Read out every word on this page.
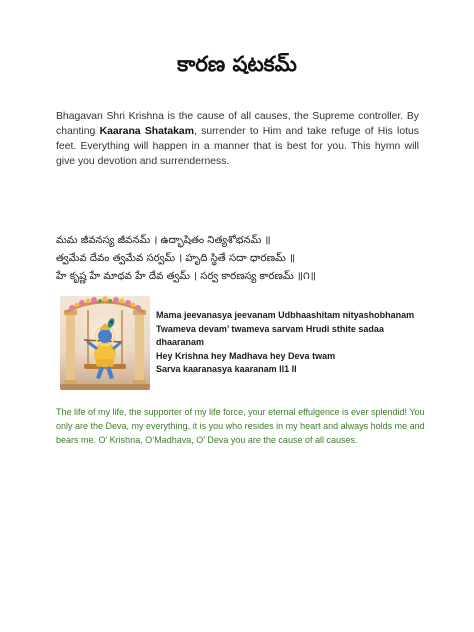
కారణ షటకమ్

Bhagavan Shri Krishna is the cause of all causes, the Supreme controller. By chanting Kaarana Shatakam, surrender to Him and take refuge of His lotus feet. Everything will happen in a manner that is best for you. This hymn will give you devotion and surrenderness.

మమ జీవనస్య జీవనమ్ । ఉద్భాషితం నిత్యశోభనమ్ ॥
త్వమేవ దేవం త్వమేవ సర్వమ్ । హృది స్థితే సదా ధారణమ్ ॥
హే కృష్ణ హే మాధవ హే దేవ త్వమ్ । సర్వ కారణస్య కారణమ్ ॥౧॥
Mama jeevanasya jeevanam Udbhaashitam nityashobhanam
Twameva devam’ twameva sarvam Hrudi sthite sadaa dhaaranam
Hey Krishna hey Madhava hey Deva twam
Sarva kaaranasya kaaranam ll1 ll

The life of my life, the supporter of my life force, your eternal effulgence is ever splendid! You only are the Deva, my everything, it is you who resides in my heart and always holds me and bears me. O’ Krishna, O’Madhava, O’ Deva you are the cause of all causes.
